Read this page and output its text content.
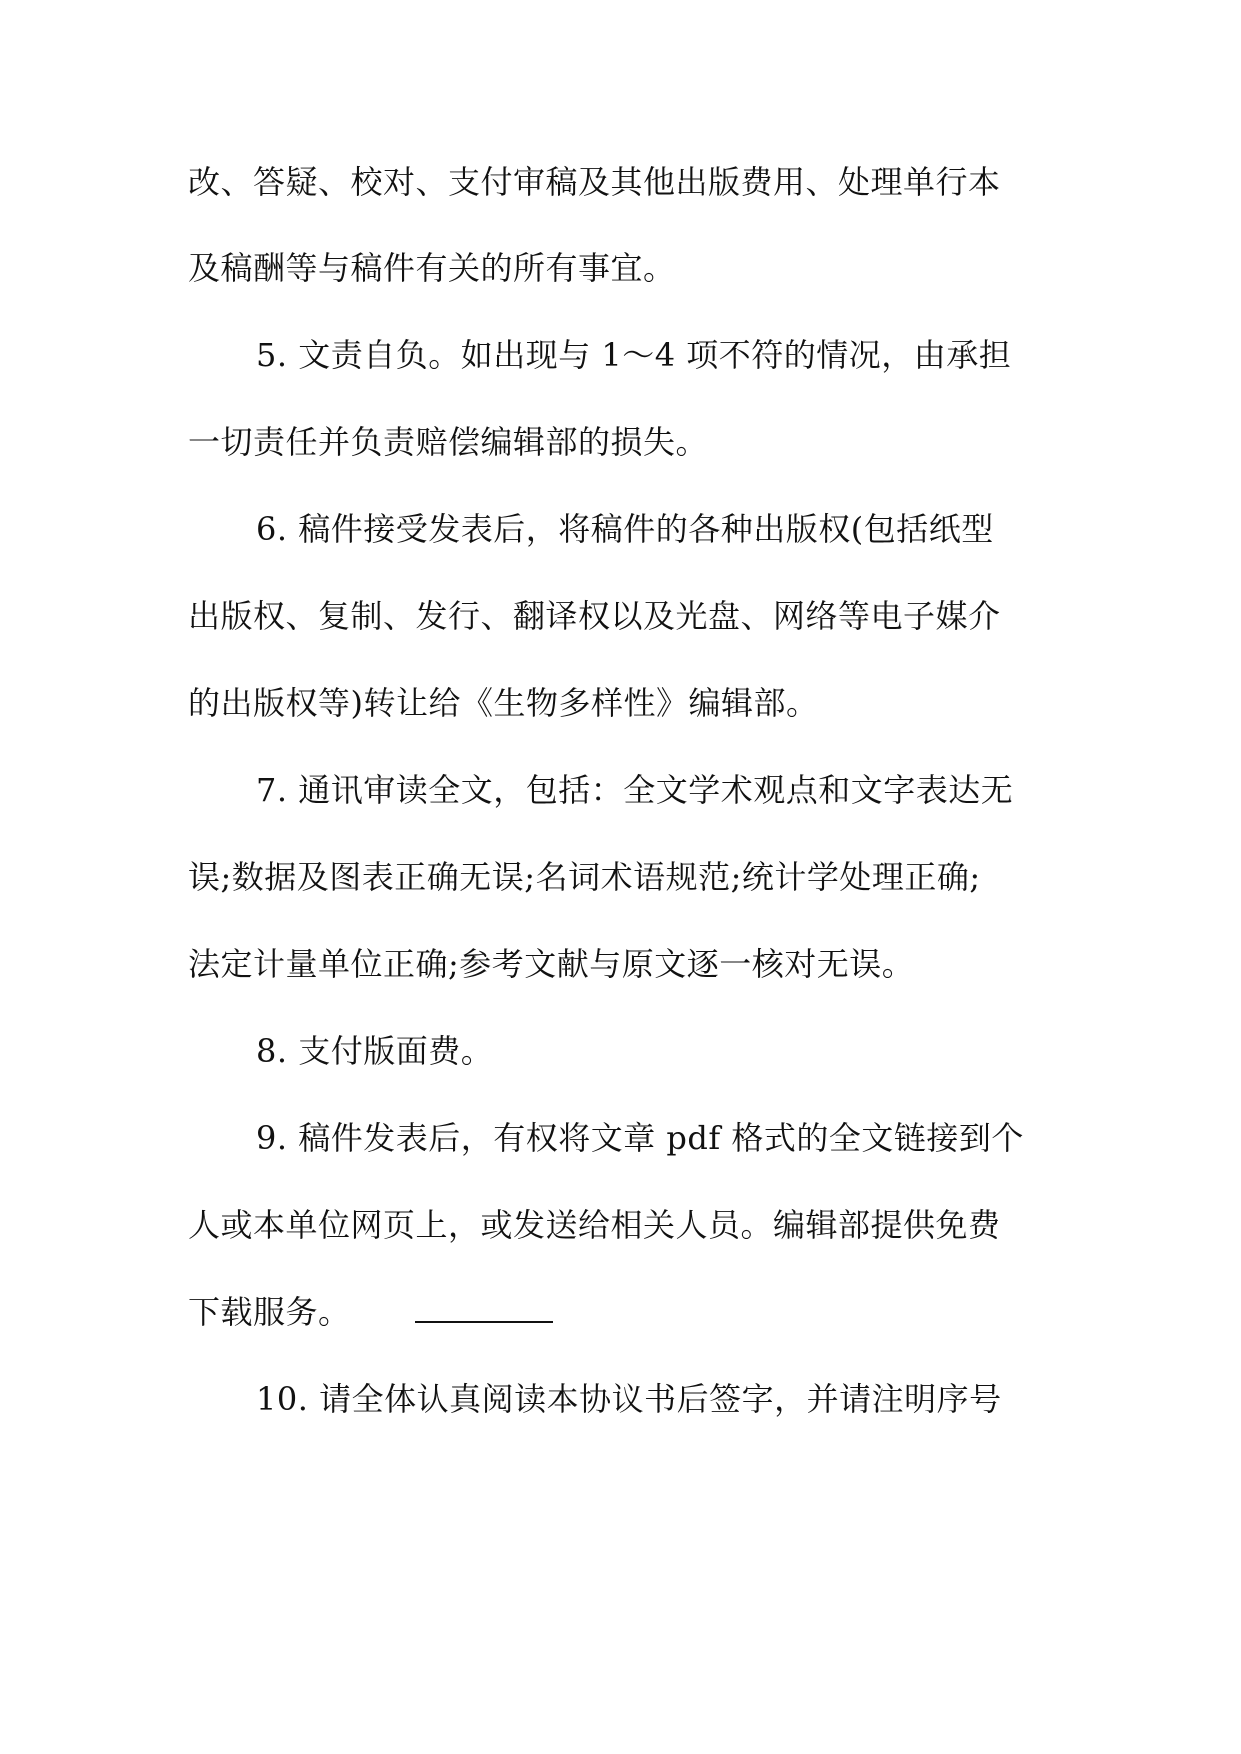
改、答疑、校对、支付审稿及其他出版费用、处理单行本
及稿酬等与稿件有关的所有事宜。
5. 文责自负。如出现与 1～4 项不符的情况，由承担
一切责任并负责赔偿编辑部的损失。
6. 稿件接受发表后，将稿件的各种出版权(包括纸型
出版权、复制、发行、翻译权以及光盘、网络等电子媒介
的出版权等)转让给《生物多样性》编辑部。
7. 通讯审读全文，包括：全文学术观点和文字表达无
误;数据及图表正确无误;名词术语规范;统计学处理正确;
法定计量单位正确;参考文献与原文逐一核对无误。
8. 支付版面费。
9. 稿件发表后，有权将文章 pdf 格式的全文链接到个
人或本单位网页上，或发送给相关人员。编辑部提供免费
下载服务。
10. 请全体认真阅读本协议书后签字，并请注明序号
